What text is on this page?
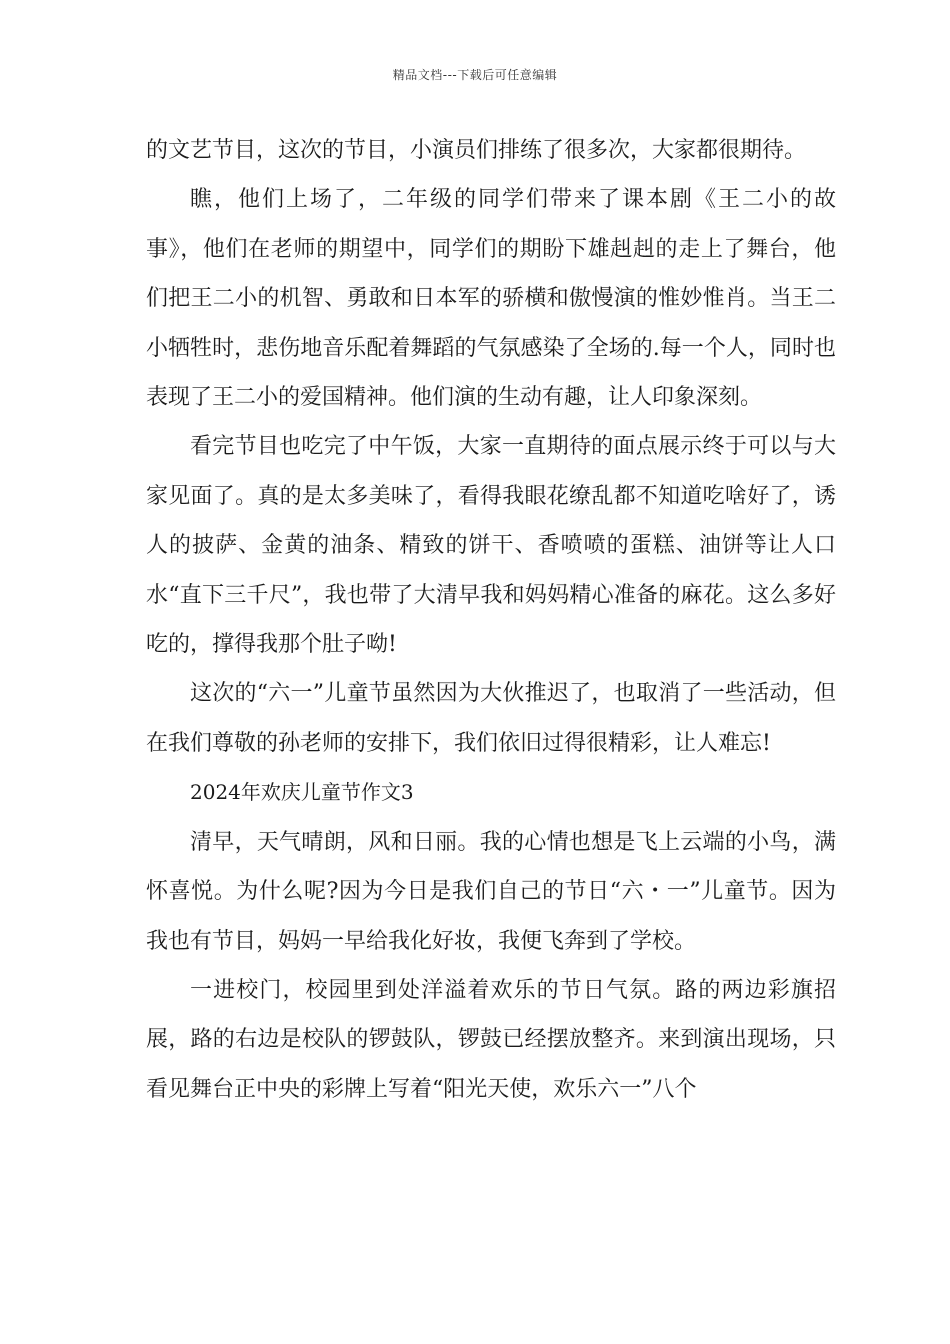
精品文档---下载后可任意编辑

的文艺节目，这次的节目，小演员们排练了很多次，大家都很期待。

瞧，他们上场了，二年级的同学们带来了课本剧《王二小的故事》，他们在老师的期望中，同学们的期盼下雄赳赳的走上了舞台，他们把王二小的机智、勇敢和日本军的骄横和傲慢演的惟妙惟肖。当王二小牺牲时，悲伤地音乐配着舞蹈的气氛感染了全场的.每一个人，同时也表现了王二小的爱国精神。他们演的生动有趣，让人印象深刻。

看完节目也吃完了中午饭，大家一直期待的面点展示终于可以与大家见面了。真的是太多美味了，看得我眼花缭乱都不知道吃啥好了，诱人的披萨、金黄的油条、精致的饼干、香喷喷的蛋糕、油饼等让人口水“直下三千尺”，我也带了大清早我和妈妈精心准备的麻花。这么多好吃的，撑得我那个肚子呦!

这次的“六一”儿童节虽然因为大伙推迟了，也取消了一些活动，但在我们尊敬的孙老师的安排下，我们依旧过得很精彩，让人难忘!

2024年欢庆儿童节作文3

清早，天气晴朗，风和日丽。我的心情也想是飞上云端的小鸟，满怀喜悦。为什么呢?因为今日是我们自己的节日“六・一”儿童节。因为我也有节目，妈妈一早给我化好妆，我便飞奔到了学校。

一进校门，校园里到处洋溢着欢乐的节日气氛。路的两边彩旗招展，路的右边是校队的锣鼓队，锣鼓已经摆放整齐。来到演出现场，只看见舞台正中央的彩牌上写着“阳光天使，欢乐六一”八个
